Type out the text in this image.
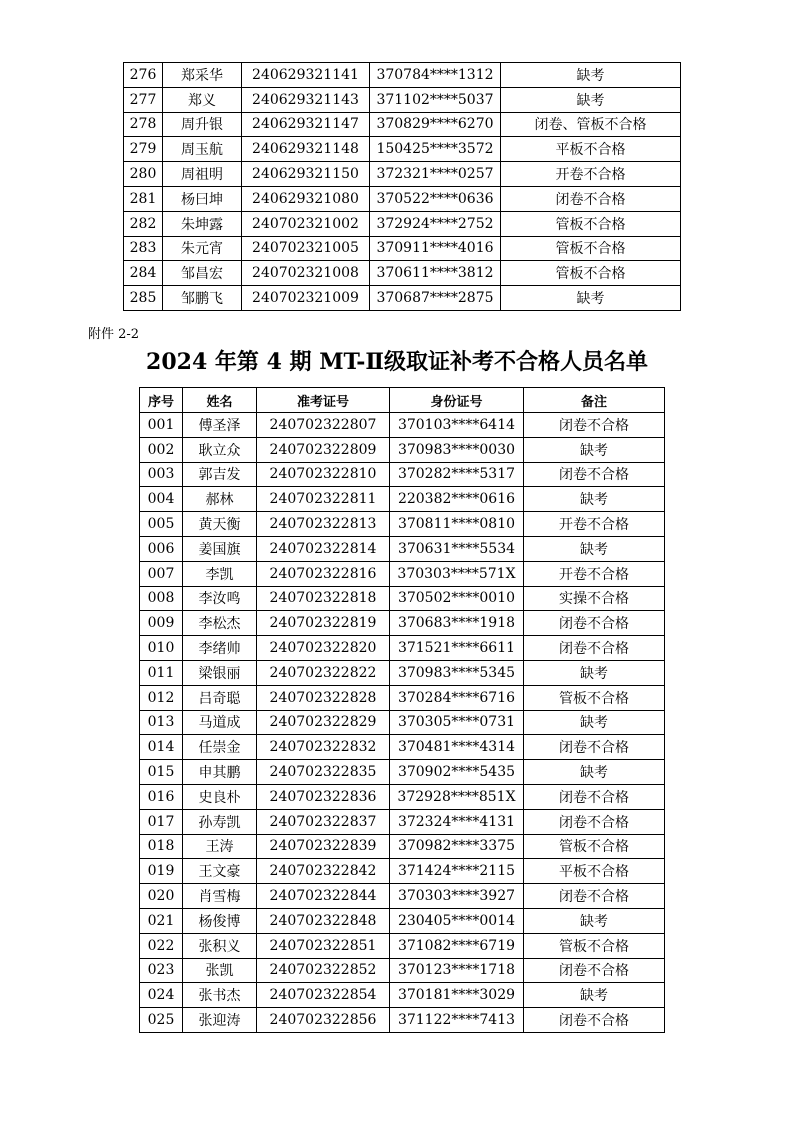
276	郑采华	240629321141	370784****1312	缺考
277	郑义	240629321143	371102****5037	缺考
278	周升银	240629321147	370829****6270	闭卷、管板不合格
279	周玉航	240629321148	150425****3572	平板不合格
280	周祖明	240629321150	372321****0257	开卷不合格
281	杨曰坤	240629321080	370522****0636	闭卷不合格
282	朱坤露	240702321002	372924****2752	管板不合格
283	朱元宵	240702321005	370911****4016	管板不合格
284	邹昌宏	240702321008	370611****3812	管板不合格
285	邹鹏飞	240702321009	370687****2875	缺考
附件 2-2
2024 年第 4 期 MT-Ⅱ级取证补考不合格人员名单
序号	姓名	准考证号	身份证号	备注
001	傅圣泽	240702322807	370103****6414	闭卷不合格
002	耿立众	240702322809	370983****0030	缺考
003	郭吉发	240702322810	370282****5317	闭卷不合格
004	郝林	240702322811	220382****0616	缺考
005	黄天衡	240702322813	370811****0810	开卷不合格
006	姜国旗	240702322814	370631****5534	缺考
007	李凯	240702322816	370303****571X	开卷不合格
008	李汝鸣	240702322818	370502****0010	实操不合格
009	李松杰	240702322819	370683****1918	闭卷不合格
010	李绪帅	240702322820	371521****6611	闭卷不合格
011	梁银丽	240702322822	370983****5345	缺考
012	吕奇聪	240702322828	370284****6716	管板不合格
013	马道成	240702322829	370305****0731	缺考
014	任崇金	240702322832	370481****4314	闭卷不合格
015	申其鹏	240702322835	370902****5435	缺考
016	史良朴	240702322836	372928****851X	闭卷不合格
017	孙寿凯	240702322837	372324****4131	闭卷不合格
018	王涛	240702322839	370982****3375	管板不合格
019	王文豪	240702322842	371424****2115	平板不合格
020	肖雪梅	240702322844	370303****3927	闭卷不合格
021	杨俊博	240702322848	230405****0014	缺考
022	张积义	240702322851	371082****6719	管板不合格
023	张凯	240702322852	370123****1718	闭卷不合格
024	张书杰	240702322854	370181****3029	缺考
025	张迎涛	240702322856	371122****7413	闭卷不合格
